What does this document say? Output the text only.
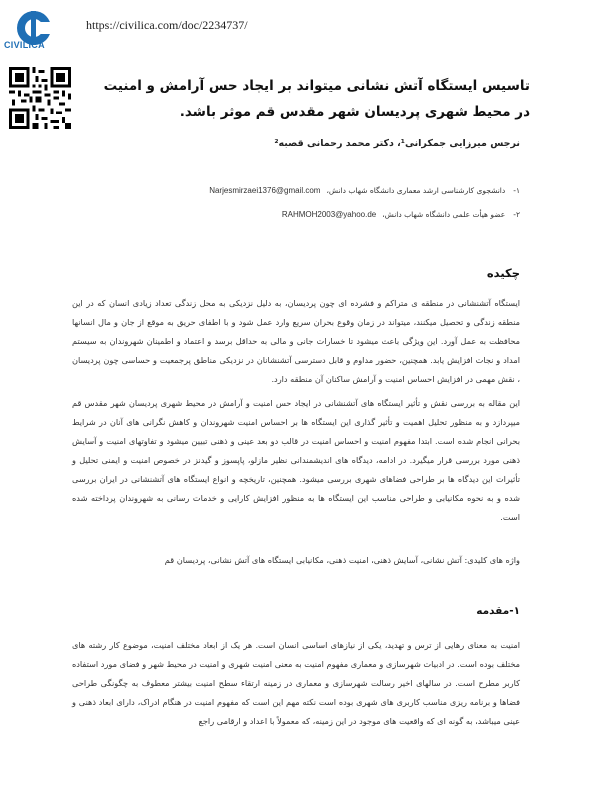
CIVILICA
https://civilica.com/doc/2234737/
تاسیس ایستگاه آتش نشانی میتواند بر ایجاد حس آرامش و امنیت در محیط شهری پردیسان شهر مقدس قم موثر باشد.
نرجس میرزایی جمکرانی¹، دکتر محمد رحمانی قصبه²
۱-دانشجوی کارشناسی ارشد معماری دانشگاه شهاب دانش،Narjesmirzaei1376@gmail.com
۲-عضو هیأت علمی دانشگاه شهاب دانش،RAHMOH2003@yahoo.de
چکیده
ایستگاه آتشنشانی در منطقه ی متراکم و فشرده ای چون پردیسان، به دلیل نزدیکی به محل زندگی تعداد زیادی انسان که در این منطقه زندگی و تحصیل میکنند، میتواند در زمان وقوع بحران سریع وارد عمل شود و با اطفای حریق به موقع از جان و مال انسانها محافظت به عمل آورد. این ویژگی باعث میشود تا خسارات جانی و مالی به حداقل برسد و اعتماد و اطمینان شهروندان به سیستم امداد و نجات افزایش یابد. همچنین، حضور مداوم و قابل دسترسی آتشنشانان در نزدیکی مناطق پرجمعیت و حساسی چون پردیسان ، نقش مهمی در افزایش احساس امنیت و آرامش ساکنان آن منطقه دارد.
این مقاله به بررسی نقش و تأثیر ایستگاه های آتشنشانی در ایجاد حس امنیت و آرامش در محیط شهری پردیسان شهر مقدس قم میپردازد و به منظور تحلیل اهمیت و تأثیر گذاری این ایستگاه ها بر احساس امنیت شهروندان و کاهش نگرانی های آنان در شرایط بحرانی انجام شده است. ابتدا مفهوم امنیت و احساس امنیت در قالب دو بعد عینی و ذهنی تبیین میشود و تفاوتهای امنیت و آسایش ذهنی مورد بررسی قرار میگیرد. در ادامه، دیدگاه های اندیشمندانی نظیر مازلو، پاپسوز و گیدنز در خصوص امنیت و ایمنی تحلیل و تأثیرات این دیدگاه ها بر طراحی فضاهای شهری بررسی میشود. همچنین، تاریخچه و انواع ایستگاه های آتشنشانی در ایران بررسی شده و به نحوه مکانیابی و طراحی مناسب این ایستگاه ها به منظور افزایش کارایی و خدمات رسانی به شهروندان پرداخته شده است.
واژه های کلیدی: آتش نشانی، آسایش ذهنی، امنیت ذهنی، مکانیابی ایستگاه های آتش نشانی، پردیسان قم
۱-مقدمه
امنیت به معنای رهایی از ترس و تهدید، یکی از نیازهای اساسی انسان است. هر یک از ابعاد مختلف امنیت، موضوع کار رشته های مختلف بوده است. در ادبیات شهرسازی و معماری مفهوم امنیت به معنی امنیت شهری و امنیت در محیط شهر و فضای مورد استفاده کاربر مطرح است. در سالهای اخیر رسالت شهرسازی و معماری در زمینه ارتقاء سطح امنیت بیشتر معطوف به چگونگی طراحی فضاها و برنامه ریزی مناسب کاربری های شهری بوده است نکته مهم این است که مفهوم امنیت در هنگام ادراک، دارای ابعاد ذهنی و عینی میباشد، به گونه ای که واقعیت های موجود در این زمینه، که معمولاً با اعداد و ارقامی راجع
